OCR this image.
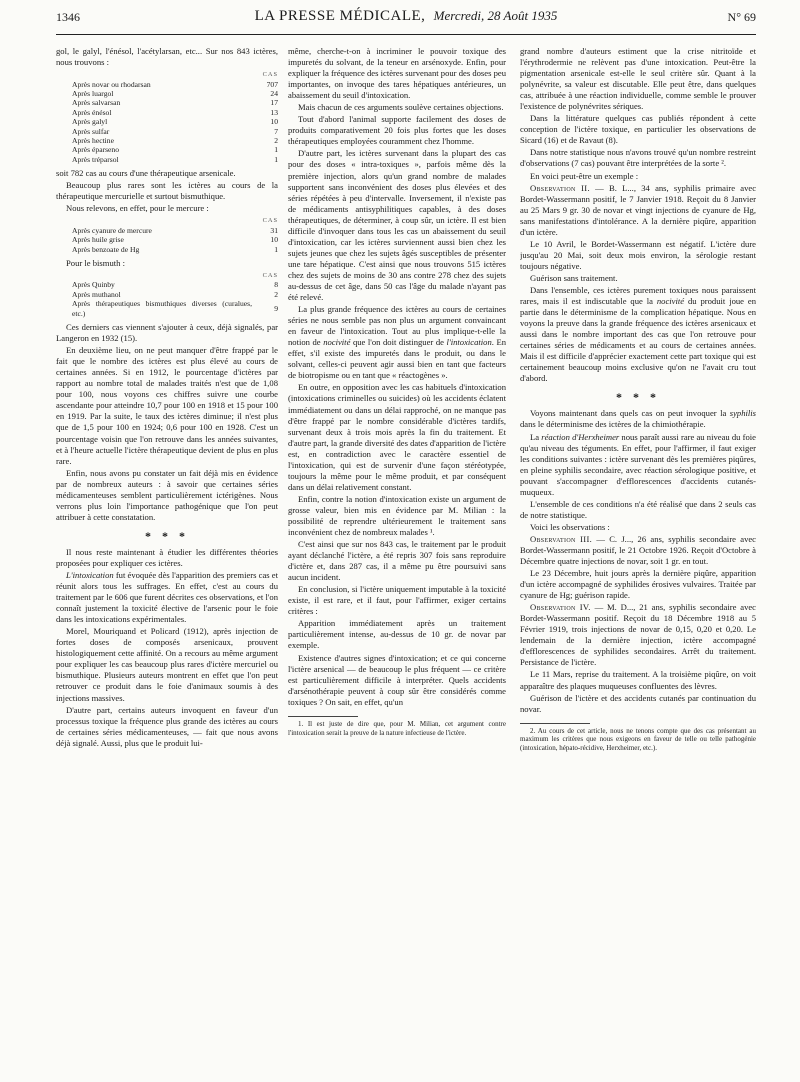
1346	LA PRESSE MÉDICALE, Mercredi, 28 Août 1935	N° 69

gol, le galyl, l'énésol, l'acétylarsan, etc... Sur nos 843 ictères, nous trouvons :

	CAS
Après novar ou rhodarsan	707
Après luargol	24
Après salvarsan	17
Après énésol	13
Après galyl	10
Après sulfar	7
Après hectine	2
Après éparseno	1
Après tréparsol	1

soit 782 cas au cours d'une thérapeutique arsenicale.

Beaucoup plus rares sont les ictères au cours de la thérapeutique mercurielle et surtout bismuthique.

Nous relevons, en effet, pour le mercure :

	CAS
Après cyanure de mercure	31
Après huile grise	10
Après benzoate de Hg	1

Pour le bismuth :

	CAS
Après Quinby	8
Après muthanol	2
Après thérapeutiques bismuthiques diverses (curalues, etc.)	9

Ces derniers cas viennent s'ajouter à ceux, déjà signalés, par Langeron en 1932 (15).

En deuxième lieu, on ne peut manquer d'être frappé par le fait que le nombre des ictères est plus élevé au cours de certaines années. Si en 1912, le pourcentage d'ictères par rapport au nombre total de malades traités n'est que de 1,08 pour 100, nous voyons ces chiffres suivre une courbe ascendante pour atteindre 10,7 pour 100 en 1918 et 15 pour 100 en 1919. Par la suite, le taux des ictères diminue; il n'est plus que de 1,5 pour 100 en 1924; 0,6 pour 100 en 1928. C'est un pourcentage voisin que l'on retrouve dans les années suivantes, et à l'heure actuelle l'ictère thérapeutique devient de plus en plus rare.

Enfin, nous avons pu constater un fait déjà mis en évidence par de nombreux auteurs : à savoir que certaines séries médicamenteuses semblent particulièrement ictérigènes. Nous verrons plus loin l'importance pathogénique que l'on peut attribuer à cette constatation.

* * *

Il nous reste maintenant à étudier les différentes théories proposées pour expliquer ces ictères.

L'intoxication fut évoquée dès l'apparition des premiers cas et réunit alors tous les suffrages. En effet, c'est au cours du traitement par le 606 que furent décrites ces observations, et l'on connaît justement la toxicité élective de l'arsenic pour le foie dans les intoxications expérimentales.

Morel, Mouriquand et Policard (1912), après injection de fortes doses de composés arsenicaux, prouvent histologiquement cette affinité. On a recours au même argument pour expliquer les cas beaucoup plus rares d'ictère mercuriel ou bismuthique. Plusieurs auteurs montrent en effet que l'on peut retrouver ce produit dans le foie d'animaux soumis à des injections massives.

D'autre part, certains auteurs invoquent en faveur d'un processus toxique la fréquence plus grande des ictères au cours de certaines séries médicamenteuses, — fait que nous avons déjà signalé. Aussi, plus que le produit lui-

même, cherche-t-on à incriminer le pouvoir toxique des impuretés du solvant, de la teneur en arsénoxyde. Enfin, pour expliquer la fréquence des ictères survenant pour des doses peu importantes, on invoque des tares hépatiques antérieures, un abaissement du seuil d'intoxication.

Mais chacun de ces arguments soulève certaines objections.

Tout d'abord l'animal supporte facilement des doses de produits comparativement 20 fois plus fortes que les doses thérapeutiques employées couramment chez l'homme.

D'autre part, les ictères survenant dans la plupart des cas pour des doses « intra-toxiques », parfois même dès la première injection, alors qu'un grand nombre de malades supportent sans inconvénient des doses plus élevées et des séries répétées à peu d'intervalle. Inversement, il n'existe pas de médicaments antisyphilitiques capables, à des doses thérapeutiques, de déterminer, à coup sûr, un ictère. Il est bien difficile d'invoquer dans tous les cas un abaissement du seuil d'intoxication, car les ictères surviennent aussi bien chez les sujets jeunes que chez les sujets âgés susceptibles de présenter une tare hépatique. C'est ainsi que nous trouvons 515 ictères chez des sujets de moins de 30 ans contre 278 chez des sujets au-dessus de cet âge, dans 50 cas l'âge du malade n'ayant pas été relevé.

La plus grande fréquence des ictères au cours de certaines séries ne nous semble pas non plus un argument convaincant en faveur de l'intoxication. Tout au plus implique-t-elle la notion de nocivité que l'on doit distinguer de l'intoxication. En effet, s'il existe des impuretés dans le produit, ou dans le solvant, celles-ci peuvent agir aussi bien en tant que facteurs de biotropisme ou en tant que « réactogènes ».

En outre, en opposition avec les cas habituels d'intoxication (intoxications criminelles ou suicides) où les accidents éclatent immédiatement ou dans un délai rapproché, on ne manque pas d'être frappé par le nombre considérable d'ictères tardifs, survenant deux à trois mois après la fin du traitement. Et d'autre part, la grande diversité des dates d'apparition de l'ictère est, en contradiction avec le caractère essentiel de l'intoxication, qui est de survenir d'une façon stéréotypée, toujours la même pour le même produit, et par conséquent dans un délai relativement constant.

Enfin, contre la notion d'intoxication existe un argument de grosse valeur, bien mis en évidence par M. Milian : la possibilité de reprendre ultérieurement le traitement sans inconvénient chez de nombreux malades ¹.

C'est ainsi que sur nos 843 cas, le traitement par le produit ayant déclanché l'ictère, a été repris 307 fois sans reproduire d'ictère et, dans 287 cas, il a même pu être poursuivi sans aucun incident.

En conclusion, si l'ictère uniquement imputable à la toxicité existe, il est rare, et il faut, pour l'affirmer, exiger certains critères :

Apparition immédiatement après un traitement particulièrement intense, au-dessus de 10 gr. de novar par exemple.

Existence d'autres signes d'intoxication; et ce qui concerne l'ictère arsenical — de beaucoup le plus fréquent — ce critère est particulièrement difficile à interpréter. Quels accidents d'arsénothérapie peuvent à coup sûr être considérés comme toxiques ? On sait, en effet, qu'un

1. Il est juste de dire que, pour M. Milian, cet argument contre l'intoxication serait la preuve de la nature infectieuse de l'ictère.

grand nombre d'auteurs estiment que la crise nitritoïde et l'érythrodermie ne relèvent pas d'une intoxication. Peut-être la pigmentation arsenicale est-elle le seul critère sûr. Quant à la polynévrite, sa valeur est discutable. Elle peut être, dans quelques cas, attribuée à une réaction individuelle, comme semble le prouver l'existence de polynévrites sériques.

Dans la littérature quelques cas publiés répondent à cette conception de l'ictère toxique, en particulier les observations de Sicard (16) et de Ravaut (8).

Dans notre statistique nous n'avons trouvé qu'un nombre restreint d'observations (7 cas) pouvant être interprétées de la sorte ².

En voici peut-être un exemple :

Observation II. — B. L..., 34 ans, syphilis primaire avec Bordet-Wassermann positif, le 7 Janvier 1918. Reçoit du 8 Janvier au 25 Mars 9 gr. 30 de novar et vingt injections de cyanure de Hg, sans manifestations d'intolérance. A la dernière piqûre, apparition d'un ictère.

Le 10 Avril, le Bordet-Wassermann est négatif. L'ictère dure jusqu'au 20 Mai, soit deux mois environ, la sérologie restant toujours négative.

Guérison sans traitement.

Dans l'ensemble, ces ictères purement toxiques nous paraissent rares, mais il est indiscutable que la nocivité du produit joue en partie dans le déterminisme de la complication hépatique. Nous en voyons la preuve dans la grande fréquence des ictères arsenicaux et aussi dans le nombre important des cas que l'on retrouve pour certaines séries de médicaments et au cours de certaines années. Mais il est difficile d'apprécier exactement cette part toxique qui est certainement beaucoup moins exclusive qu'on ne l'avait cru tout d'abord.

* * *

Voyons maintenant dans quels cas on peut invoquer la syphilis dans le déterminisme des ictères de la chimiothérapie.

La réaction d'Herxheimer nous paraît aussi rare au niveau du foie qu'au niveau des téguments. En effet, pour l'affirmer, il faut exiger les conditions suivantes : ictère survenant dès les premières piqûres, en pleine syphilis secondaire, avec réaction sérologique positive, et pouvant s'accompagner d'efflorescences d'accidents cutanés-muqueux.

L'ensemble de ces conditions n'a été réalisé que dans 2 seuls cas de notre statistique.

Voici les observations :

Observation III. — C. J..., 26 ans, syphilis secondaire avec Bordet-Wassermann positif, le 21 Octobre 1926. Reçoit d'Octobre à Décembre quatre injections de novar, soit 1 gr. en tout.

Le 23 Décembre, huit jours après la dernière piqûre, apparition d'un ictère accompagné de syphilides érosives vulvaires. Traitée par cyanure de Hg; guérison rapide.

Observation IV. — M. D..., 21 ans, syphilis secondaire avec Bordet-Wassermann positif. Reçoit du 18 Décembre 1918 au 5 Février 1919, trois injections de novar de 0,15, 0,20 et 0,20. Le lendemain de la dernière injection, ictère accompagné d'efflorescences de syphilides secondaires. Arrêt du traitement. Persistance de l'ictère.

Le 11 Mars, reprise du traitement. A la troisième piqûre, on voit apparaître des plaques muqueuses confluentes des lèvres.

Guérison de l'ictère et des accidents cutanés par continuation du novar.

2. Au cours de cet article, nous ne tenons compte que des cas présentant au maximum les critères que nous exigeons en faveur de telle ou telle pathogénie (intoxication, hépato-récidive, Herxheimer, etc.).
